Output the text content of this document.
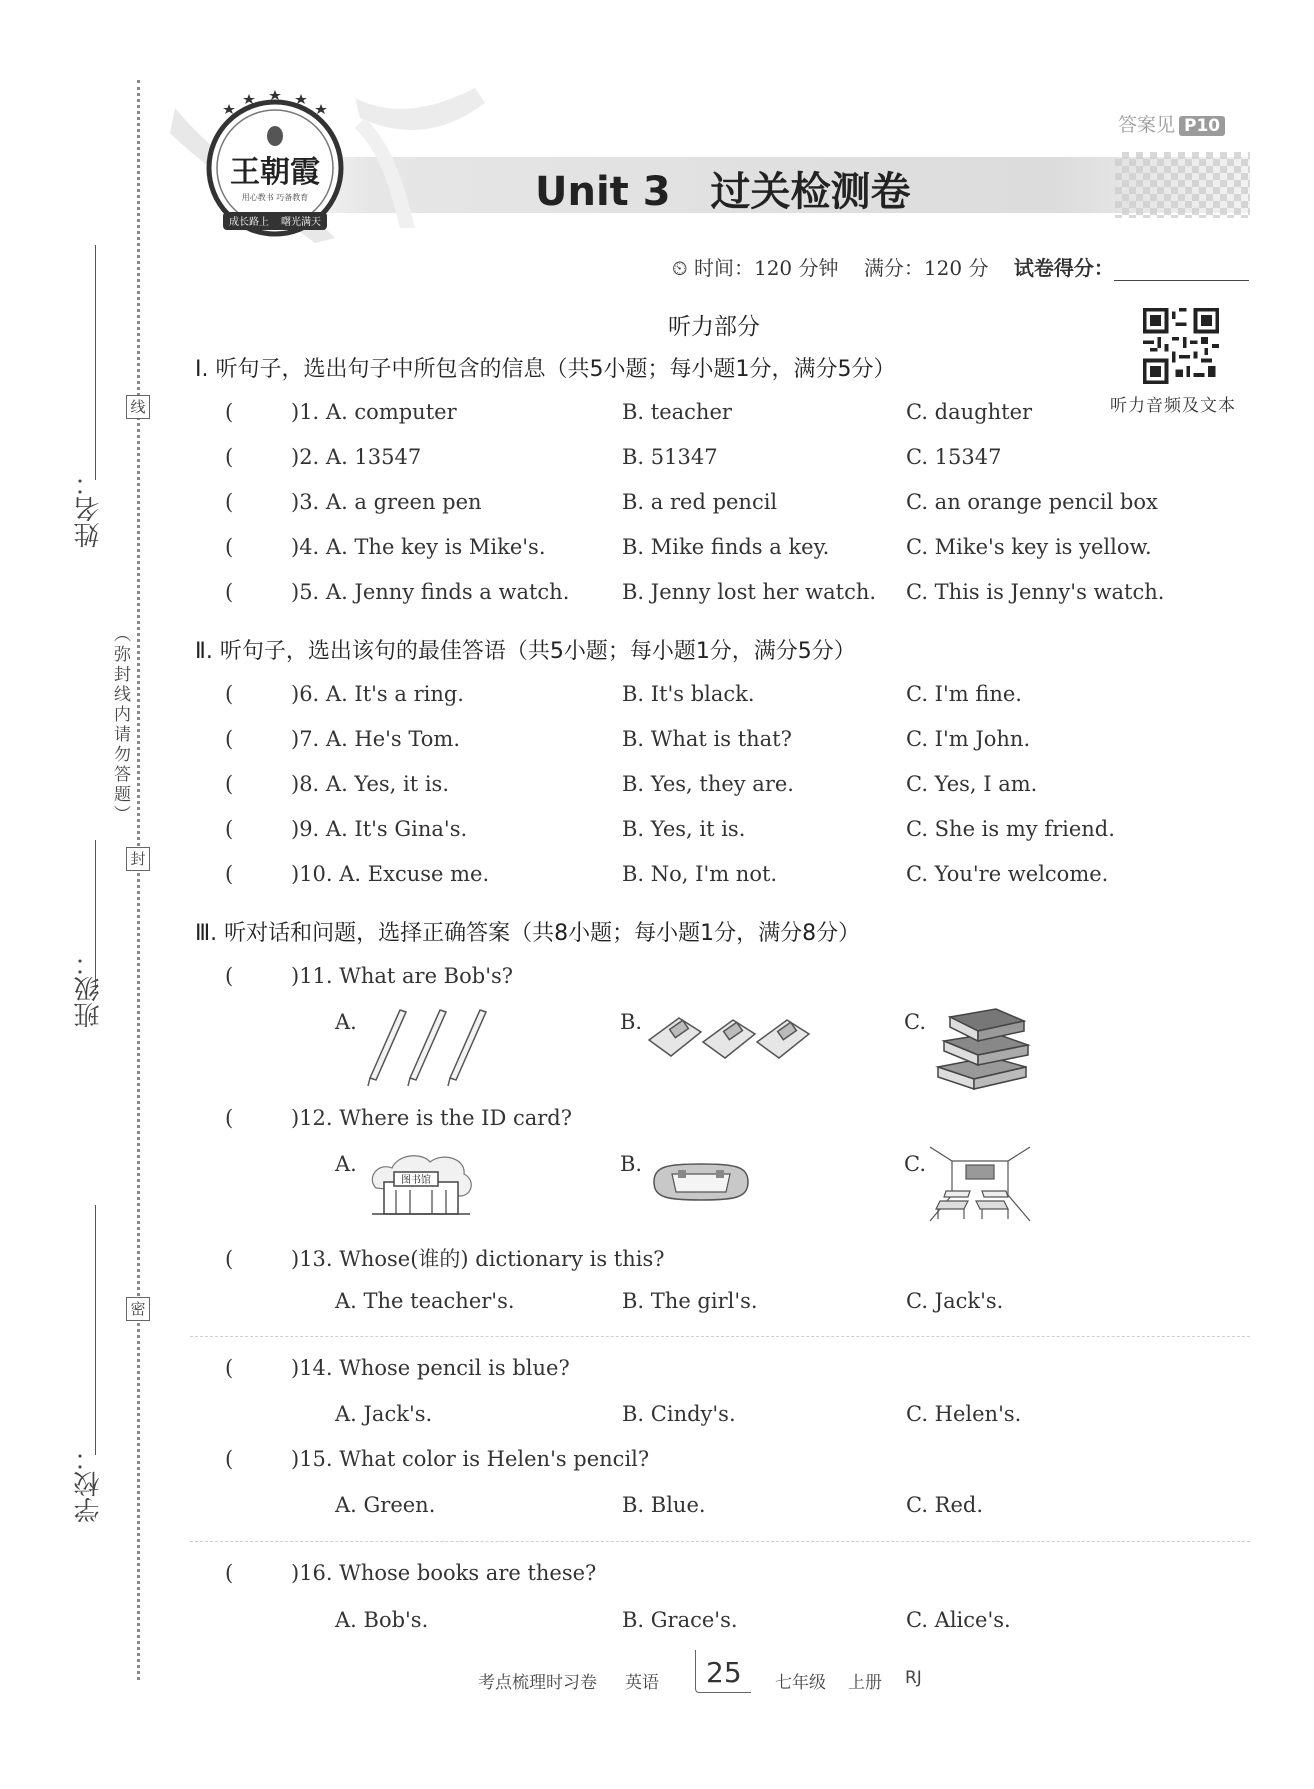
姓名：
班级：
学校：
线
封
密
（弥封线内请勿答题）
王朝霞
用心教书 巧备教育
成长路上 曙光满天
答案见 P10
Unit 3 过关检测卷
⏲ 时间：120 分钟 满分：120 分 试卷得分：
听力部分
听力音频及文本
Ⅰ. 听句子，选出句子中所包含的信息（共5小题；每小题1分，满分5分）
(	)1. A. computer	B. teacher	C. daughter
(	)2. A. 13547	B. 51347	C. 15347
(	)3. A. a green pen	B. a red pencil	C. an orange pencil box
(	)4. A. The key is Mike's.	B. Mike finds a key.	C. Mike's key is yellow.
(	)5. A. Jenny finds a watch.	B. Jenny lost her watch. C. This is Jenny's watch.
Ⅱ. 听句子，选出该句的最佳答语（共5小题；每小题1分，满分5分）
(	)6. A. It's a ring.	B. It's black.	C. I'm fine.
(	)7. A. He's Tom.	B. What is that?	C. I'm John.
(	)8. A. Yes, it is.	B. Yes, they are.	C. Yes, I am.
(	)9. A. It's Gina's.	B. Yes, it is.	C. She is my friend.
(	)10. A. Excuse me.	B. No, I'm not.	C. You're welcome.
Ⅲ. 听对话和问题，选择正确答案（共8小题；每小题1分，满分8分）
(	)11. What are Bob's?
A.	B.	C.
(	)12. Where is the ID card?
A.	B.	C.
图书馆
(	)13. Whose(谁的) dictionary is this?
A. The teacher's.	B. The girl's.	C. Jack's.
(	)14. Whose pencil is blue?
A. Jack's.	B. Cindy's.	C. Helen's.
(	)15. What color is Helen's pencil?
A. Green.	B. Blue.	C. Red.
(	)16. Whose books are these?
A. Bob's.	B. Grace's.	C. Alice's.
考点梳理时习卷 英语 25 七年级 上册 RJ
